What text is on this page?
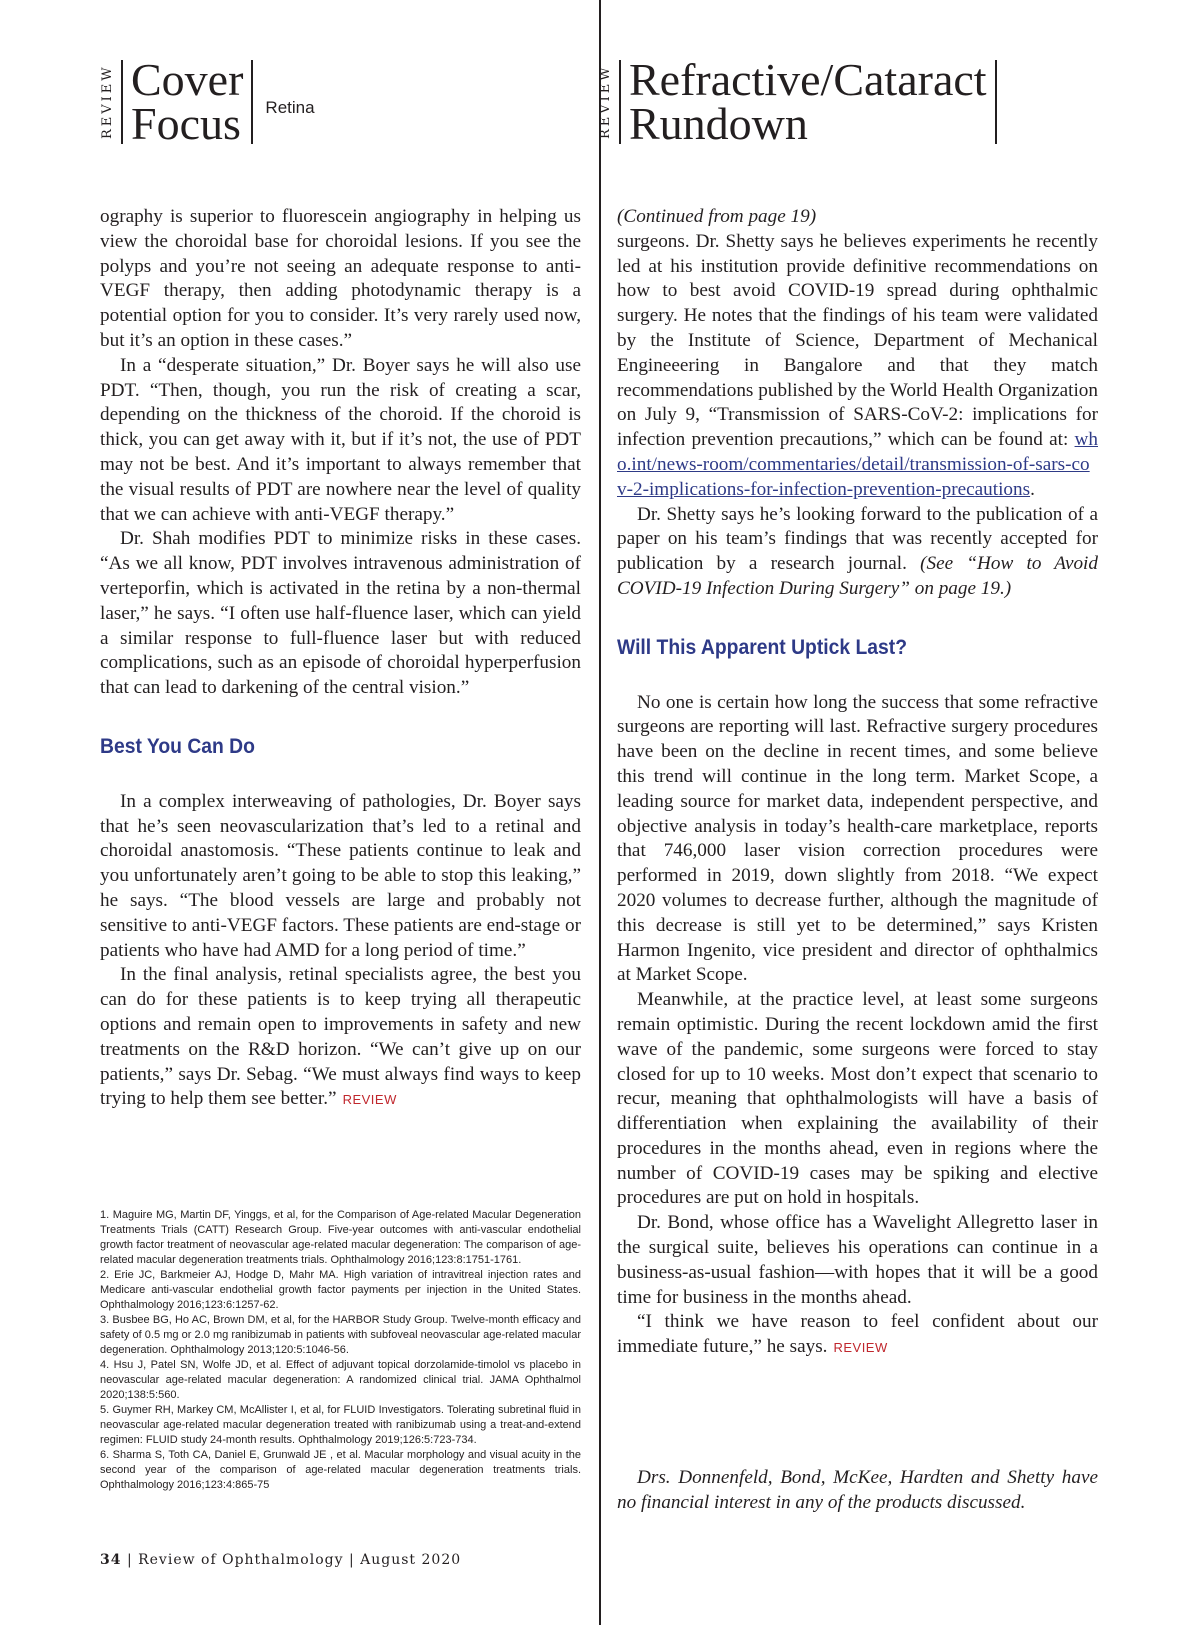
REVIEW Cover
Focus Retina	REVIEW Refractive/Cataract
Rundown

ography is superior to fluorescein angiography in helping us view the choroidal base for choroidal lesions. If you see the polyps and you’re not seeing an adequate response to anti-VEGF therapy, then adding photodynamic therapy is a potential option for you to consider. It’s very rarely used now, but it’s an option in these cases.”

In a “desperate situation,” Dr. Boyer says he will also use PDT. “Then, though, you run the risk of creating a scar, depending on the thickness of the choroid. If the choroid is thick, you can get away with it, but if it’s not, the use of PDT may not be best. And it’s important to always remember that the visual results of PDT are nowhere near the level of quality that we can achieve with anti-VEGF therapy.”

Dr. Shah modifies PDT to minimize risks in these cases. “As we all know, PDT involves intravenous administration of verteporfin, which is activated in the retina by a non-thermal laser,” he says. “I often use half-fluence laser, which can yield a similar response to full-fluence laser but with reduced complications, such as an episode of choroidal hyperperfusion that can lead to darkening of the central vision.”

Best You Can Do

In a complex interweaving of pathologies, Dr. Boyer says that he’s seen neovascularization that’s led to a retinal and choroidal anastomosis. “These patients continue to leak and you unfortunately aren’t going to be able to stop this leaking,” he says. “The blood vessels are large and probably not sensitive to anti-VEGF factors. These patients are end-stage or patients who have had AMD for a long period of time.”

In the final analysis, retinal specialists agree, the best you can do for these patients is to keep trying all therapeutic options and remain open to improvements in safety and new treatments on the R&D horizon. “We can’t give up on our patients,” says Dr. Sebag. “We must always find ways to keep trying to help them see better.” REVIEW

1. Maguire MG, Martin DF, Yinggs, et al, for the Comparison of Age-related Macular Degeneration Treatments Trials (CATT) Research Group. Five-year outcomes with anti-vascular endothelial growth factor treatment of neovascular age-related macular degeneration: The comparison of age-related macular degeneration treatments trials. Ophthalmology 2016;123:8:1751-1761.
2. Erie JC, Barkmeier AJ, Hodge D, Mahr MA. High variation of intravitreal injection rates and Medicare anti-vascular endothelial growth factor payments per injection in the United States. Ophthalmology 2016;123:6:1257-62.
3. Busbee BG, Ho AC, Brown DM, et al, for the HARBOR Study Group. Twelve-month efficacy and safety of 0.5 mg or 2.0 mg ranibizumab in patients with subfoveal neovascular age-related macular degeneration. Ophthalmology 2013;120:5:1046-56.
4. Hsu J, Patel SN, Wolfe JD, et al. Effect of adjuvant topical dorzolamide-timolol vs placebo in neovascular age-related macular degeneration: A randomized clinical trial. JAMA Ophthalmol 2020;138:5:560.
5. Guymer RH, Markey CM, McAllister I, et al, for FLUID Investigators. Tolerating subretinal fluid in neovascular age-related macular degeneration treated with ranibizumab using a treat-and-extend regimen: FLUID study 24-month results. Ophthalmology 2019;126:5:723-734.
6. Sharma S, Toth CA, Daniel E, Grunwald JE , et al. Macular morphology and visual acuity in the second year of the comparison of age-related macular degeneration treatments trials. Ophthalmology 2016;123:4:865-75

(Continued from page 19)

surgeons. Dr. Shetty says he believes experiments he recently led at his institution provide definitive recommendations on how to best avoid COVID-19 spread during ophthalmic surgery. He notes that the findings of his team were validated by the Institute of Science, Department of Mechanical Engineeering in Bangalore and that they match recommendations published by the World Health Organization on July 9, “Transmission of SARS-CoV-2: implications for infection prevention precautions,” which can be found at: who.int/news-room/commentaries/detail/transmission-of-sars-cov-2-implications-for-infection-prevention-precautions.

Dr. Shetty says he’s looking forward to the publication of a paper on his team’s findings that was recently accepted for publication by a research journal. (See “How to Avoid COVID-19 Infection During Surgery” on page 19.)

Will This Apparent Uptick Last?

No one is certain how long the success that some refractive surgeons are reporting will last. Refractive surgery procedures have been on the decline in recent times, and some believe this trend will continue in the long term. Market Scope, a leading source for market data, independent perspective, and objective analysis in today’s health-care marketplace, reports that 746,000 laser vision correction procedures were performed in 2019, down slightly from 2018. “We expect 2020 volumes to decrease further, although the magnitude of this decrease is still yet to be determined,” says Kristen Harmon Ingenito, vice president and director of ophthalmics at Market Scope.

Meanwhile, at the practice level, at least some surgeons remain optimistic. During the recent lockdown amid the first wave of the pandemic, some surgeons were forced to stay closed for up to 10 weeks. Most don’t expect that scenario to recur, meaning that ophthalmologists will have a basis of differentiation when explaining the availability of their procedures in the months ahead, even in regions where the number of COVID-19 cases may be spiking and elective procedures are put on hold in hospitals.

Dr. Bond, whose office has a Wavelight Allegretto laser in the surgical suite, believes his operations can continue in a business-as-usual fashion—with hopes that it will be a good time for business in the months ahead.

“I think we have reason to feel confident about our immediate future,” he says. REVIEW

Drs. Donnenfeld, Bond, McKee, Hardten and Shetty have no financial interest in any of the products discussed.
34 | Review of Ophthalmology | August 2020
